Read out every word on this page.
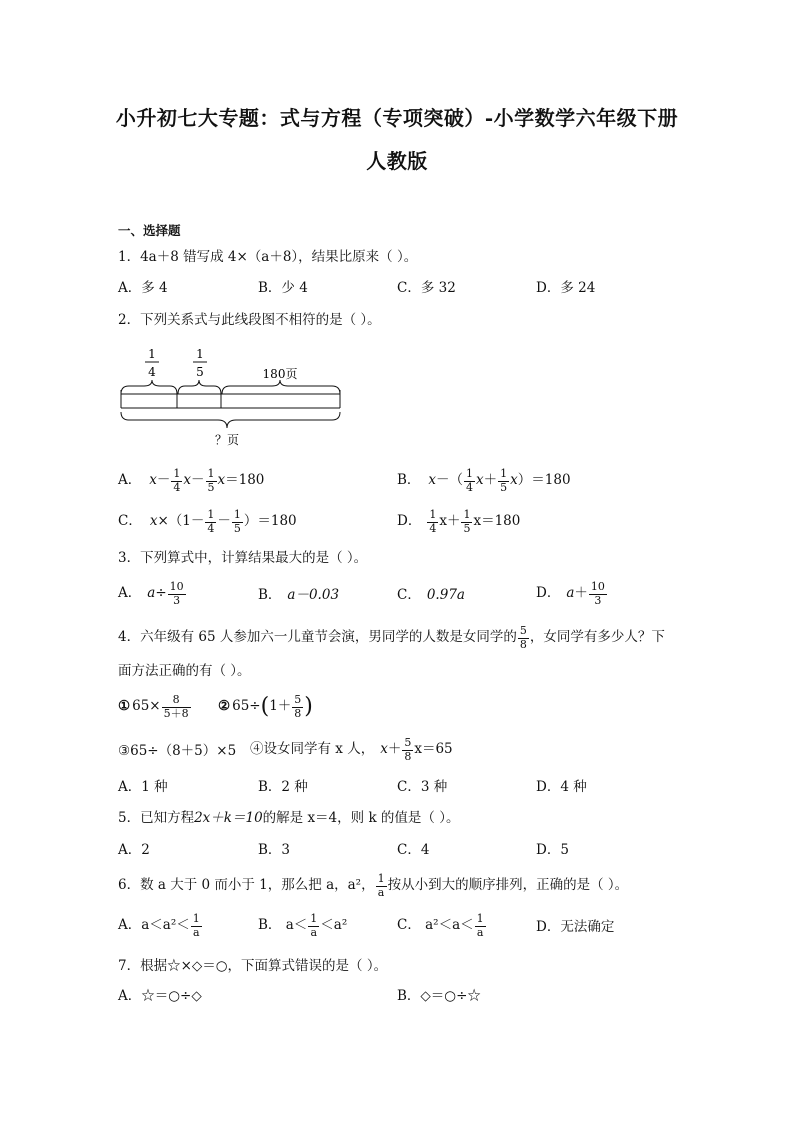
小升初七大专题：式与方程（专项突破）-小学数学六年级下册
人教版
一、选择题
1．4a＋8 错写成 4×（a＋8），结果比原来（ ）。
A．多 4	B．少 4	C．多 32	D．多 24
2．下列关系式与此线段图不相符的是（ ）。
1
4
1
5	180页
？页
A． $x - \frac{1}{4}$ $x - \frac{1}{5}$ x ＝180	B． x －（ $\frac{1}{4}$ $x + \frac{1}{5}$ x ）＝180
C． $x \times(1- \frac{1}{4} - \frac{1}{5} )=180$	D． $\frac{1}{4} x+ \frac{1}{5} x=180$
3．下列算式中，计算结果最大的是（ ）。
A． $a \div \frac{10}{3}$	B． a－0.03	C． 0.97a	D． $a + \frac{10}{3}$
4．六年级有 65 人参加六一儿童节会演，男同学的人数是女同学的 $\frac{5}{8}$ ，女同学有多少人？下
面方法正确的有（ ）。
① $65\times \frac{8}{5+8}$ ② 65÷ ( $1+ \frac{5}{8}$ )
③65÷（8＋5）×5 ④设女同学有 x 人， $x + \frac{5}{8} x=65$
A．1 种	B．2 种	C．3 种	D．4 种
5．已知方程2x＋k＝10的解是 x＝4，则 k 的值是（ ）。
A．2	B．3	C．4	D．5
6．数 a 大于 0 而小于 1，那么把 a，a²， $\frac{1}{a}$ 按从小到大的顺序排列，正确的是（ ）。
A．$a<a^2< \frac{1}{a}$	B． $a< \frac{1}{a} <a^2$	C． $a^2<a< \frac{1}{a}$	D．无法确定
7．根据☆×◇＝○，下面算式错误的是（ ）。
A．☆＝○÷◇	B．◇＝○÷☆
